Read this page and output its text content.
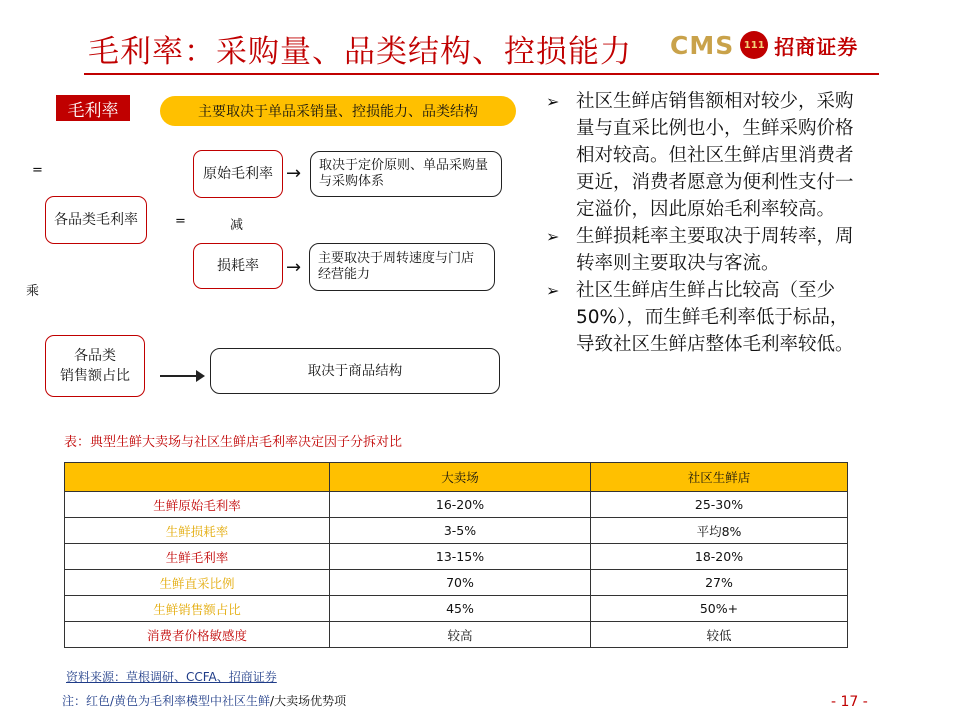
毛利率：采购量、品类结构、控损能力 CMS 111 招商证券
毛利率	主要取决于单品采销量、控损能力、品类结构
=
乘
各品类毛利率	=	减
原始毛利率 → 取决于定价原则、单品采购量与采购体系
损耗率 → 主要取决于周转速度与门店经营能力
各品类
销售额占比	取决于商品结构

➢ 社区生鲜店销售额相对较少，采购量与直采比例也小，生鲜采购价格相对较高。但社区生鲜店里消费者更近，消费者愿意为便利性支付一定溢价，因此原始毛利率较高。

➢ 生鲜损耗率主要取决于周转率，周转率则主要取决与客流。

➢ 社区生鲜店生鲜占比较高（至少50%），而生鲜毛利率低于标品，导致社区生鲜店整体毛利率较低。

表：典型生鲜大卖场与社区生鲜店毛利率决定因子分拆对比
	大卖场	社区生鲜店
生鲜原始毛利率	16-20%	25-30%
生鲜损耗率	3-5%	平均8%
生鲜毛利率	13-15%	18-20%
生鲜直采比例	70%	27%
生鲜销售额占比	45%	50%+
消费者价格敏感度	较高	较低
资料来源：草根调研、CCFA、招商证券
注：红色/黄色为毛利率模型中社区生鲜/大卖场优势项	- 17 -
